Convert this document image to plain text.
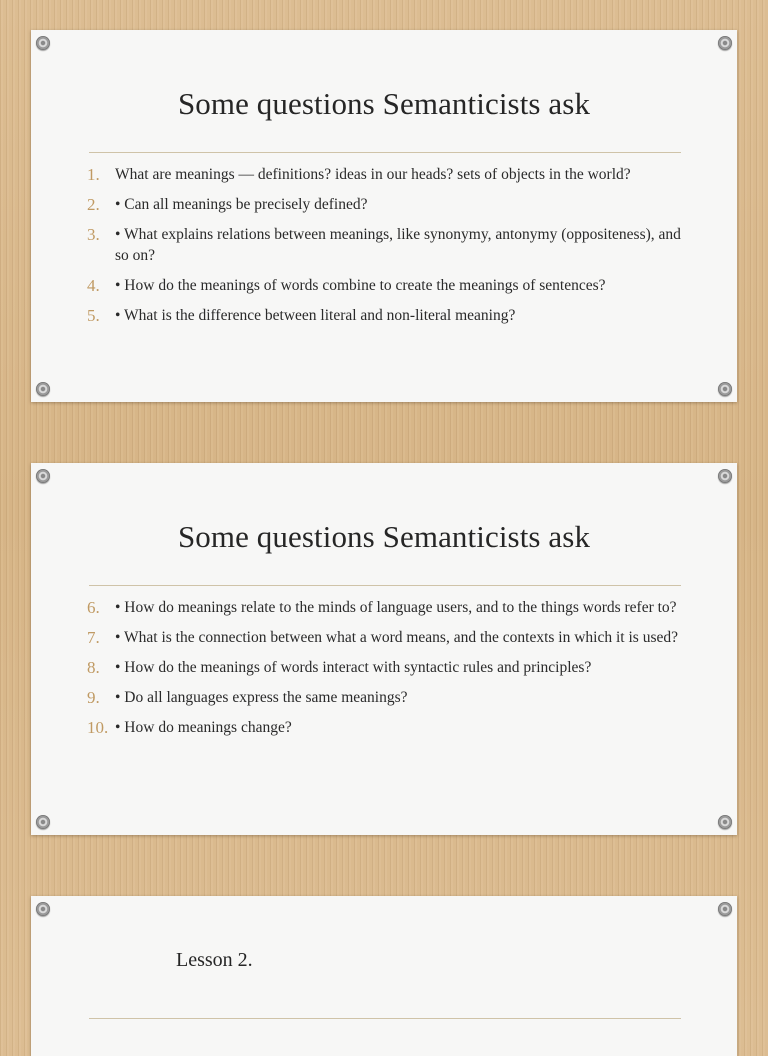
Some questions Semanticists ask
1. What are meanings — definitions? ideas in our heads? sets of objects in the world?
2. • Can all meanings be precisely defined?
3. • What explains relations between meanings, like synonymy, antonymy (oppositeness), and so on?
4. • How do the meanings of words combine to create the meanings of sentences?
5. • What is the difference between literal and non-literal meaning?
Some questions Semanticists ask
6. • How do meanings relate to the minds of language users, and to the things words refer to?
7. • What is the connection between what a word means, and the contexts in which it is used?
8. • How do the meanings of words interact with syntactic rules and principles?
9. • Do all languages express the same meanings?
10. • How do meanings change?
Lesson 2.
